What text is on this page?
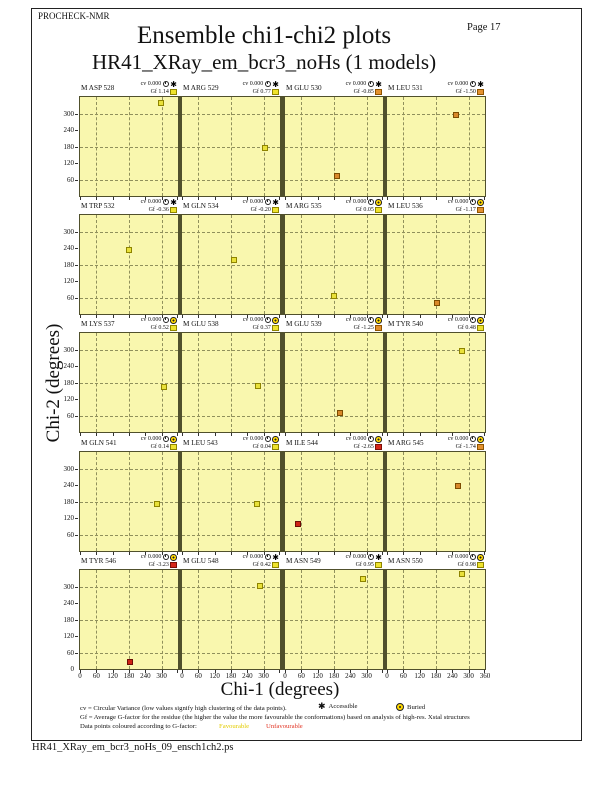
PROCHECK-NMR
Page 17
Ensemble chi1-chi2 plots
HR41_XRay_em_bcr3_noHs (1 models)
300
240
180
120
60
300
240
180
120
60
300
240
180
120
60
300
240
180
120
60
300
240
180
120
60
0
M ASP 528	cv 0.000 ✱
Gf 1.14 M ARG 529	cv 0.000 ✱
Gf 0.77 M GLU 530	cv 0.000 ✱
Gf -0.85 M LEU 531	cv 0.000 ✱
Gf -1.50
M TRP 532	cv 0.000 ✱
Gf -0.36 M GLN 534	cv 0.000 ✱
Gf -0.20 M ARG 535	cv 0.000
Gf 0.05 M LEU 536	cv 0.000
Gf -1.17
M LYS 537	cv 0.000
Gf 0.52 M GLU 538	cv 0.000
Gf 0.37 M GLU 539	cv 0.000
Gf -1.25 M TYR 540	cv 0.000
Gf 0.48
M GLN 541	cv 0.000
Gf 0.14 M LEU 543	cv 0.000
Gf 0.04 M ILE 544	cv 0.000
Gf -2.65 M ARG 545	cv 0.000
Gf -1.74
M TYR 546	cv 0.000
Gf -3.23 M GLU 548	cv 0.000 ✱
Gf 0.42 M ASN 549	cv 0.000 ✱
Gf 0.95 M ASN 550	cv 0.000
Gf 0.98
0	60	120 180 240 300	0	60	120 180 240 300	0	60	120 180 240 300	0	60	120 180 240 300 360
Chi-1 (degrees)
Chi-2 (degrees)
cv = Circular Variance (low values signify high clustering of the data points).	✱ Accessible	Buried
Gf = Average G-factor for the residue (the higher the value the more favourable the conformations) based on analysis of high-res. Xstal structures
Data points coloured according to G-factor:	Favourable	Unfavourable
HR41_XRay_em_bcr3_noHs_09_ensch1ch2.ps
